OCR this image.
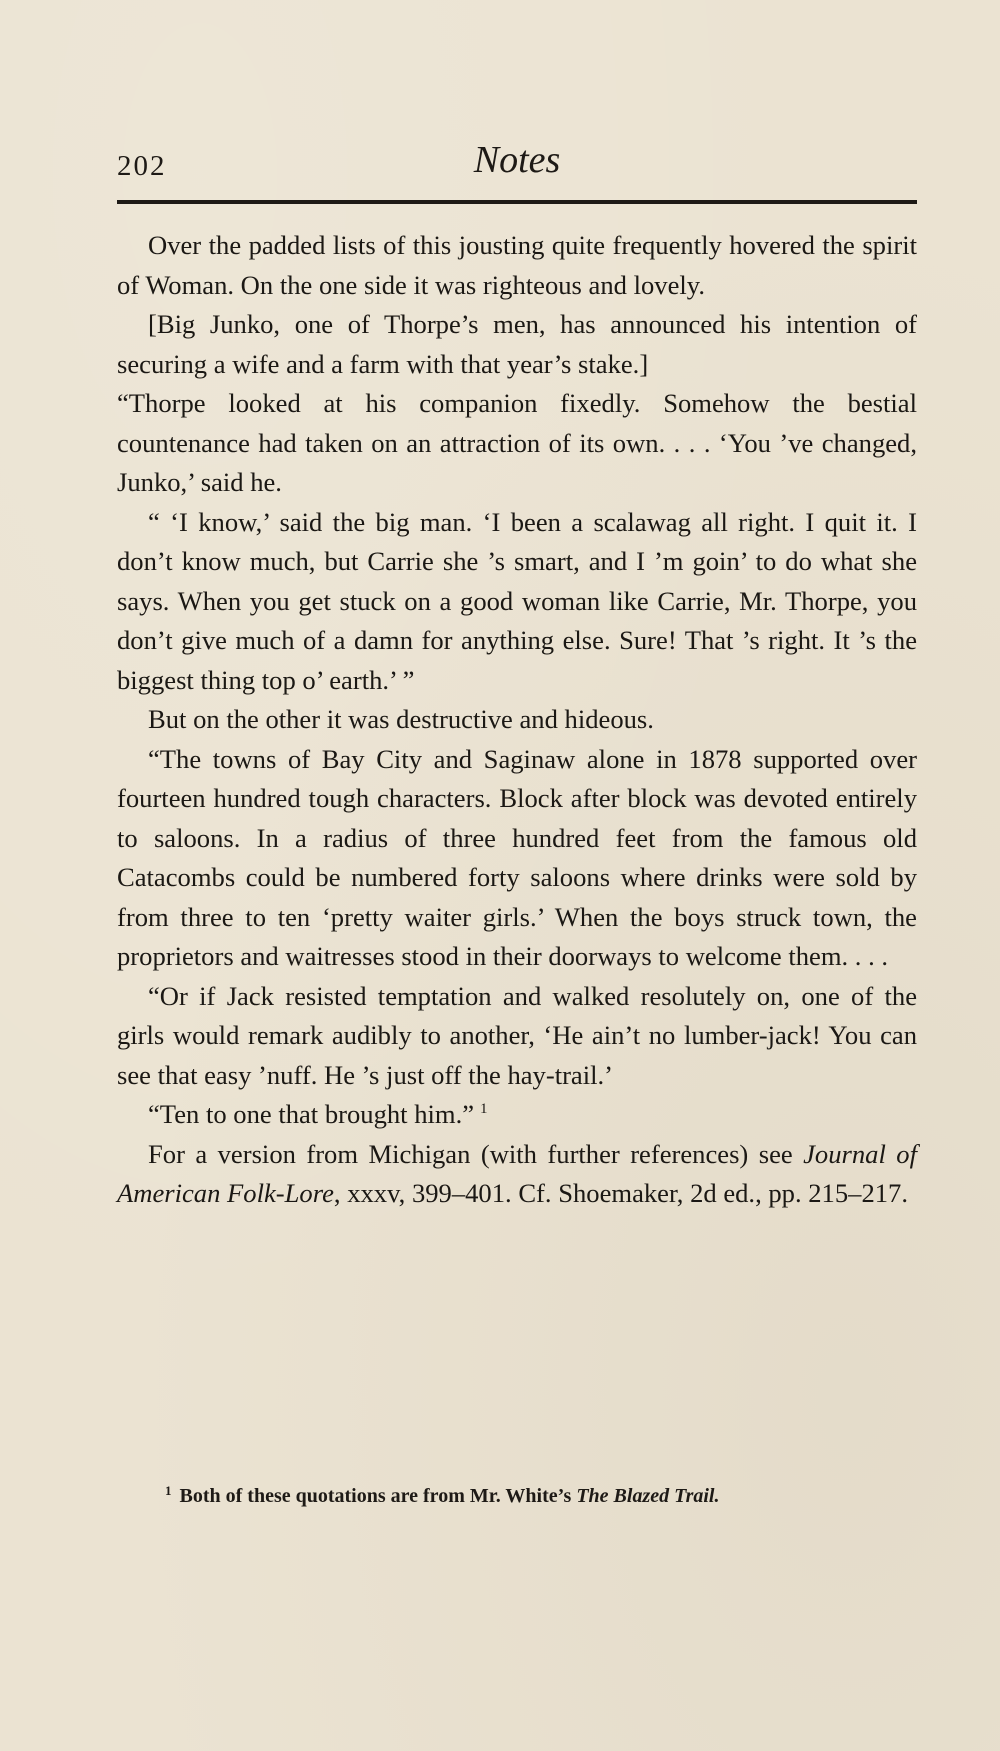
202	Notes

Over the padded lists of this jousting quite frequently hovered the spirit of Woman. On the one side it was righteous and lovely.

[Big Junko, one of Thorpe’s men, has announced his intention of securing a wife and a farm with that year’s stake.]

“Thorpe looked at his companion fixedly. Somehow the bestial countenance had taken on an attraction of its own. . . . ‘You ’ve changed, Junko,’ said he.

“ ‘I know,’ said the big man. ‘I been a scalawag all right. I quit it. I don’t know much, but Carrie she ’s smart, and I ’m goin’ to do what she says. When you get stuck on a good woman like Carrie, Mr. Thorpe, you don’t give much of a damn for anything else. Sure! That ’s right. It ’s the biggest thing top o’ earth.’ ”

But on the other it was destructive and hideous.

“The towns of Bay City and Saginaw alone in 1878 supported over fourteen hundred tough characters. Block after block was devoted entirely to saloons. In a radius of three hundred feet from the famous old Catacombs could be numbered forty saloons where drinks were sold by from three to ten ‘pretty waiter girls.’ When the boys struck town, the proprietors and waitresses stood in their doorways to welcome them. . . .

“Or if Jack resisted temptation and walked resolutely on, one of the girls would remark audibly to another, ‘He ain’t no lumber-jack! You can see that easy ’nuff. He ’s just off the hay-trail.’

“Ten to one that brought him.” $^1$

For a version from Michigan (with further references) see Journal of American Folk-Lore, xxxv, 399–401. Cf. Shoemaker, 2d ed., pp. 215–217.

$^1$ Both of these quotations are from Mr. White’s The Blazed Trail.
